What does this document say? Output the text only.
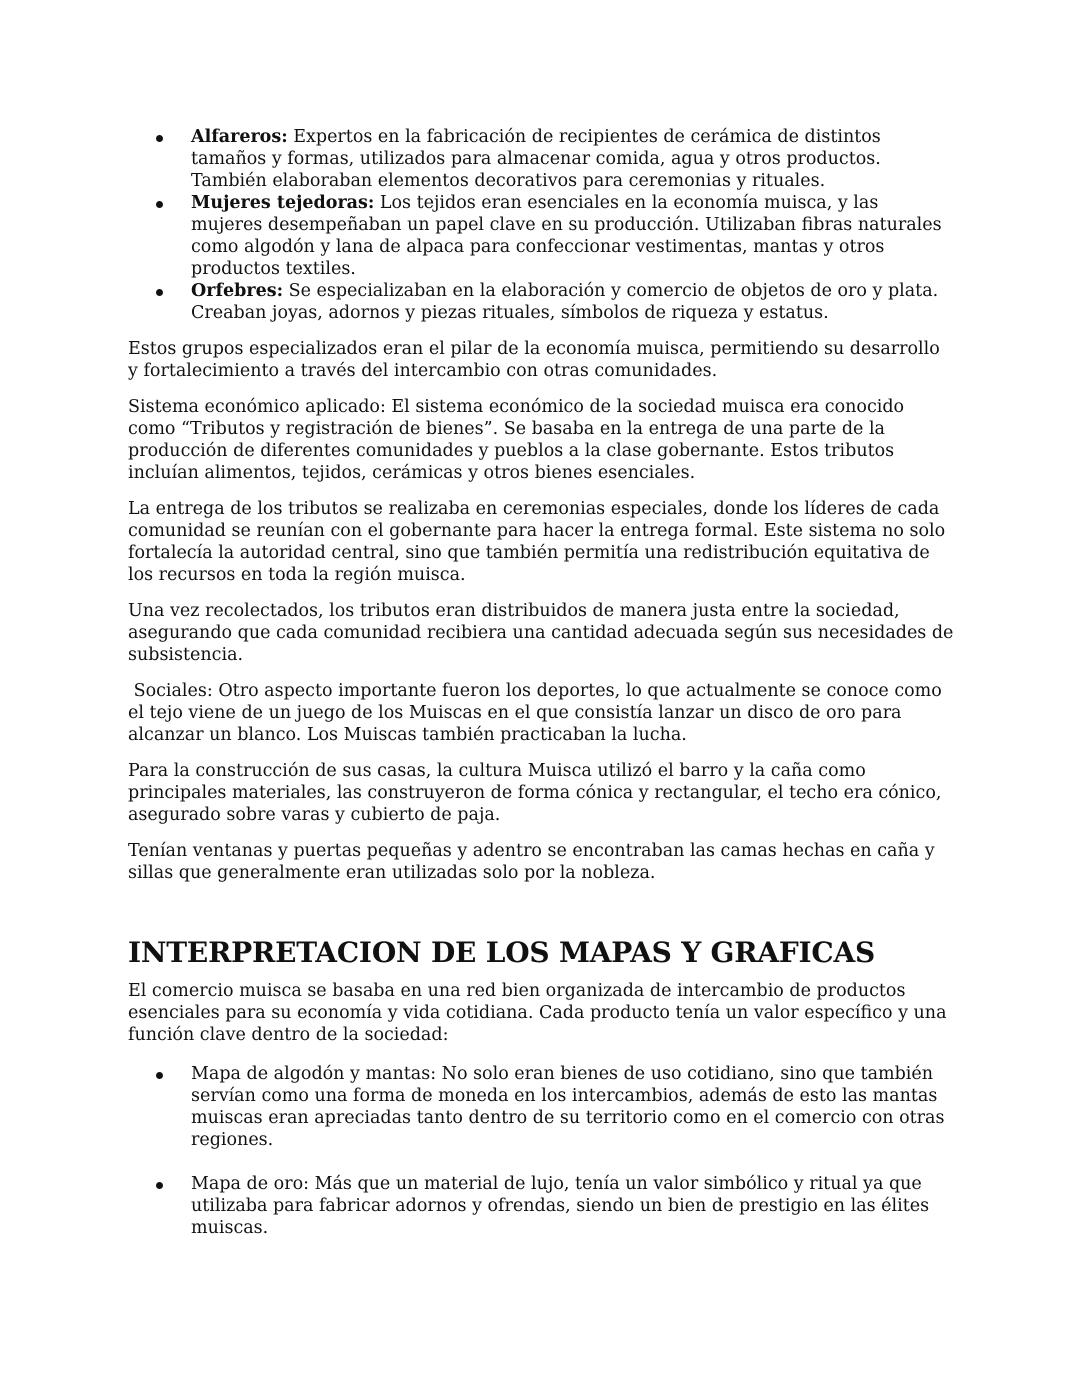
Alfareros: Expertos en la fabricación de recipientes de cerámica de distintos tamaños y formas, utilizados para almacenar comida, agua y otros productos. También elaboraban elementos decorativos para ceremonias y rituales.
Mujeres tejedoras: Los tejidos eran esenciales en la economía muisca, y las mujeres desempeñaban un papel clave en su producción. Utilizaban fibras naturales como algodón y lana de alpaca para confeccionar vestimentas, mantas y otros productos textiles.
Orfebres: Se especializaban en la elaboración y comercio de objetos de oro y plata. Creaban joyas, adornos y piezas rituales, símbolos de riqueza y estatus.

Estos grupos especializados eran el pilar de la economía muisca, permitiendo su desarrollo y fortalecimiento a través del intercambio con otras comunidades.

Sistema económico aplicado: El sistema económico de la sociedad muisca era conocido como “Tributos y registración de bienes”. Se basaba en la entrega de una parte de la producción de diferentes comunidades y pueblos a la clase gobernante. Estos tributos incluían alimentos, tejidos, cerámicas y otros bienes esenciales.

La entrega de los tributos se realizaba en ceremonias especiales, donde los líderes de cada comunidad se reunían con el gobernante para hacer la entrega formal. Este sistema no solo fortalecía la autoridad central, sino que también permitía una redistribución equitativa de los recursos en toda la región muisca.

Una vez recolectados, los tributos eran distribuidos de manera justa entre la sociedad, asegurando que cada comunidad recibiera una cantidad adecuada según sus necesidades de subsistencia.

Sociales: Otro aspecto importante fueron los deportes, lo que actualmente se conoce como el tejo viene de un juego de los Muiscas en el que consistía lanzar un disco de oro para alcanzar un blanco. Los Muiscas también practicaban la lucha.

Para la construcción de sus casas, la cultura Muisca utilizó el barro y la caña como principales materiales, las construyeron de forma cónica y rectangular, el techo era cónico, asegurado sobre varas y cubierto de paja.

Tenían ventanas y puertas pequeñas y adentro se encontraban las camas hechas en caña y sillas que generalmente eran utilizadas solo por la nobleza.

INTERPRETACION DE LOS MAPAS Y GRAFICAS

El comercio muisca se basaba en una red bien organizada de intercambio de productos esenciales para su economía y vida cotidiana. Cada producto tenía un valor específico y una función clave dentro de la sociedad:

Mapa de algodón y mantas: No solo eran bienes de uso cotidiano, sino que también servían como una forma de moneda en los intercambios, además de esto las mantas muiscas eran apreciadas tanto dentro de su territorio como en el comercio con otras regiones.
Mapa de oro: Más que un material de lujo, tenía un valor simbólico y ritual ya que utilizaba para fabricar adornos y ofrendas, siendo un bien de prestigio en las élites muiscas.
